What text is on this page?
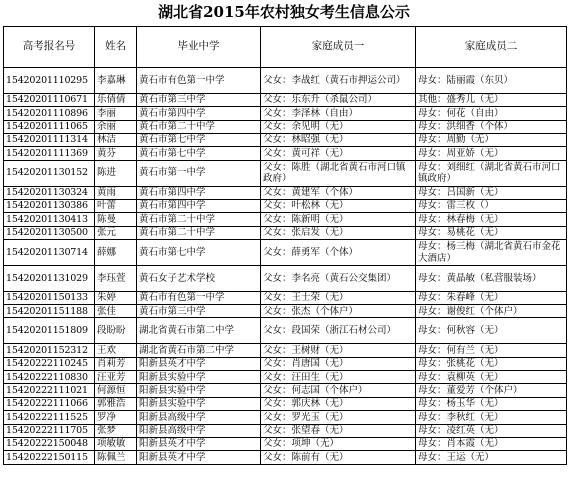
湖北省2015年农村独女考生信息公示
高考报名号	姓名	毕业中学	家庭成员一	家庭成员二
15420201110295	李嘉琳	黄石市有色第一中学	父女：李战红（黄石市押运公司）	母女：陆丽霞（东贝）
15420201110671	乐倩倩	黄石市第三中学	父女：乐东升（杀鼠公司）	其他：盛秀儿（无）
15420201110896	李丽	黄石市第四中学	父女：李泽林（自由）	母女：何花（自由）
15420201111065	余丽	黄石市第二十中学	父女：余见明（无）	母女：洪细香（个体）
15420201111314	林洁	黄石市第七中学	父女：林昭强（无）	母女：周勤（无）
15420201111369	黄芬	黄石市第七中学	父女：黄可祥（无）	母女：周亚娇（无）
15420201130152	陈进	黄石市第一中学	父女：陈胜（湖北省黄石市河口镇政府）	母女：刘细红（湖北省黄石市河口镇政府）
15420201130324	黄雨	黄石市第四中学	父女：黄建军（个体）	母女：吕国新（无）
15420201130386	叶蕾	黄石市第四中学	父女：叶松林（无）	母女：雷三枚（）
15420201130413	陈曼	黄石市第二十中学	父女：陈新明（无）	母女：林春梅（无）
15420201130500	张元	黄石市第二十中学	父女：张启发（无）	母女：易桃花（无）
15420201130714	薛娜	黄石市第七中学	父女：薛勇军（个体）	母女：杨三梅（湖北省黄石市金花大酒店）
15420201131029	李珏萱	黄石女子艺术学校	父女：李名亮（黄石公交集团）	母女：黄晶敏（私营服装场）
15420201150133	朱婷	黄石市有色第一中学	父女：王士荣（无）	母女：朱春峰（无）
15420201151188	张佳	黄石市第三中学	父女：张杰（个体户）	母女：谢俊红（个体户）
15420201151809	段盼盼	湖北省黄石市第二中学	父女：段国荣（浙江石材公司）	母女：何秋容（无）
15420201152312	王欢	湖北省黄石市第二中学	父女：王树财（无）	母女：何有兰（无）
15420222110245	肖莉芳	阳新县英才中学	父女：肖唐国（无）	母女：张桃花（无）
15420222110830	汪亚芳	阳新县实验中学	父女：汪田生（无）	母女：袁柳英（无）
15420222111021	何源恒	阳新县实验中学	父女：何志国（个体户）	母女：董爱芳（个体户）
15420222111066	郭雅浩	阳新县实验中学	父女：郭庆林（无）	母女：杨玉华（无）
15420222111525	罗净	阳新县高级中学	父女：罗光玉（无）	母女：李秋红（无）
15420222111705	张梦	阳新县高级中学	父女：张望春（无）	母女：凌红英（无）
15420222150048	项敏敏	阳新县英才中学	父女：项坤（无）	母女：肖本霞（无）
15420222150115	陈佩兰	阳新县英才中学	父女：陈前有（无）	母女：王运（无）
